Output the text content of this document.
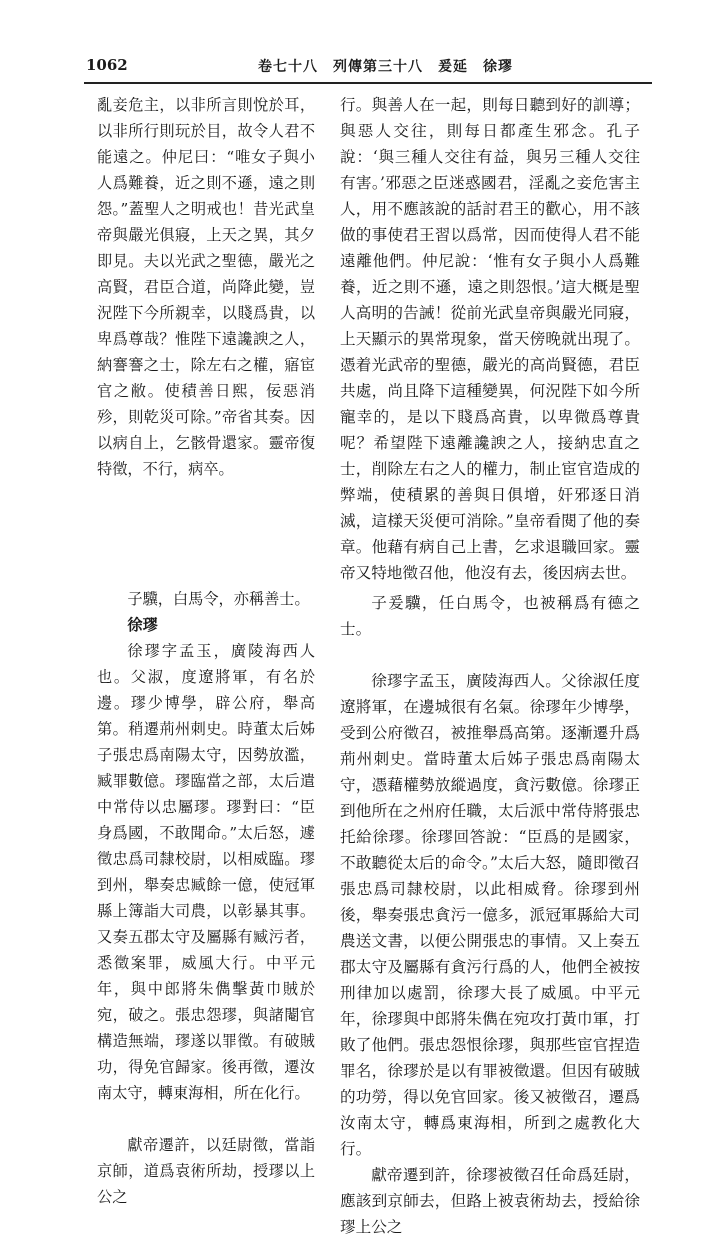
1062	卷七十八　列傳第三十八　爰延　徐璆

亂妾危主，以非所言則悅於耳，以非所行則玩於目，故令人君不能遠之。仲尼曰：“唯女子與小人爲難養，近之則不遜，遠之則怨。”蓋聖人之明戒也！昔光武皇帝與嚴光俱寢，上天之異，其夕即見。夫以光武之聖德，嚴光之高賢，君臣合道，尚降此變，豈況陛下今所親幸，以賤爲貴，以卑爲尊哉？惟陛下遠讒諛之人，納謇謇之士，除左右之權，寤宦官之敝。使積善日熙，佞惡消殄，則乾災可除。”帝省其奏。因以病自上，乞骸骨還家。靈帝復特徵，不行，病卒。

子驥，白馬令，亦稱善士。

徐璆

徐璆字孟玉，廣陵海西人也。父淑，度遼將軍，有名於邊。璆少博學，辟公府，舉高第。稍遷荊州刺史。時董太后姊子張忠爲南陽太守，因勢放濫，臧罪數億。璆臨當之部，太后遣中常侍以忠屬璆。璆對曰：“臣身爲國，不敢聞命。”太后怒，遽徵忠爲司隸校尉，以相威臨。璆到州，舉奏忠臧餘一億，使冠軍縣上簿詣大司農，以彰暴其事。又奏五郡太守及屬縣有臧污者，悉徵案罪，威風大行。中平元年，與中郎將朱儁擊黃巾賊於宛，破之。張忠怨璆，與諸閹官構造無端，璆遂以罪徵。有破賊功，得免官歸家。後再徵，遷汝南太守，轉東海相，所在化行。

獻帝遷許，以廷尉徵，當詣京師，道爲袁術所劫，授璆以上公之

行。與善人在一起，則每日聽到好的訓導；與惡人交往，則每日都產生邪念。孔子說：‘與三種人交往有益，與另三種人交往有害。’邪惡之臣迷惑國君，淫亂之妾危害主人，用不應該說的話討君王的歡心，用不該做的事使君王習以爲常，因而使得人君不能遠離他們。仲尼說：‘惟有女子與小人爲難養，近之則不遜，遠之則怨恨。’這大概是聖人高明的告誡！從前光武皇帝與嚴光同寢，上天顯示的異常現象，當天傍晚就出現了。憑着光武帝的聖德，嚴光的高尚賢德，君臣共處，尚且降下這種變異，何況陛下如今所寵幸的，是以下賤爲高貴，以卑微爲尊貴呢？希望陛下遠離讒諛之人，接納忠直之士，削除左右之人的權力，制止宦官造成的弊端，使積累的善與日俱增，奸邪逐日消滅，這樣天災便可消除。”皇帝看閱了他的奏章。他藉有病自己上書，乞求退職回家。靈帝又特地徵召他，他沒有去，後因病去世。

子爰驥，任白馬令，也被稱爲有德之士。

徐璆字孟玉，廣陵海西人。父徐淑任度遼將軍，在邊城很有名氣。徐璆年少博學，受到公府徵召，被推舉爲高第。逐漸遷升爲荊州刺史。當時董太后姊子張忠爲南陽太守，憑藉權勢放縱過度，貪污數億。徐璆正到他所在之州府任職，太后派中常侍將張忠托給徐璆。徐璆回答說：“臣爲的是國家，不敢聽從太后的命令。”太后大怒，隨即徵召張忠爲司隸校尉，以此相威脅。徐璆到州後，舉奏張忠貪污一億多，派冠軍縣給大司農送文書，以便公開張忠的事情。又上奏五郡太守及屬縣有貪污行爲的人，他們全被按刑律加以處罰，徐璆大長了威風。中平元年，徐璆與中郎將朱儁在宛攻打黃巾軍，打敗了他們。張忠怨恨徐璆，與那些宦官捏造罪名，徐璆於是以有罪被徵還。但因有破賊的功勞，得以免官回家。後又被徵召，遷爲汝南太守，轉爲東海相，所到之處教化大行。

獻帝遷到許，徐璆被徵召任命爲廷尉，應該到京師去，但路上被袁術劫去，授給徐璆上公之
